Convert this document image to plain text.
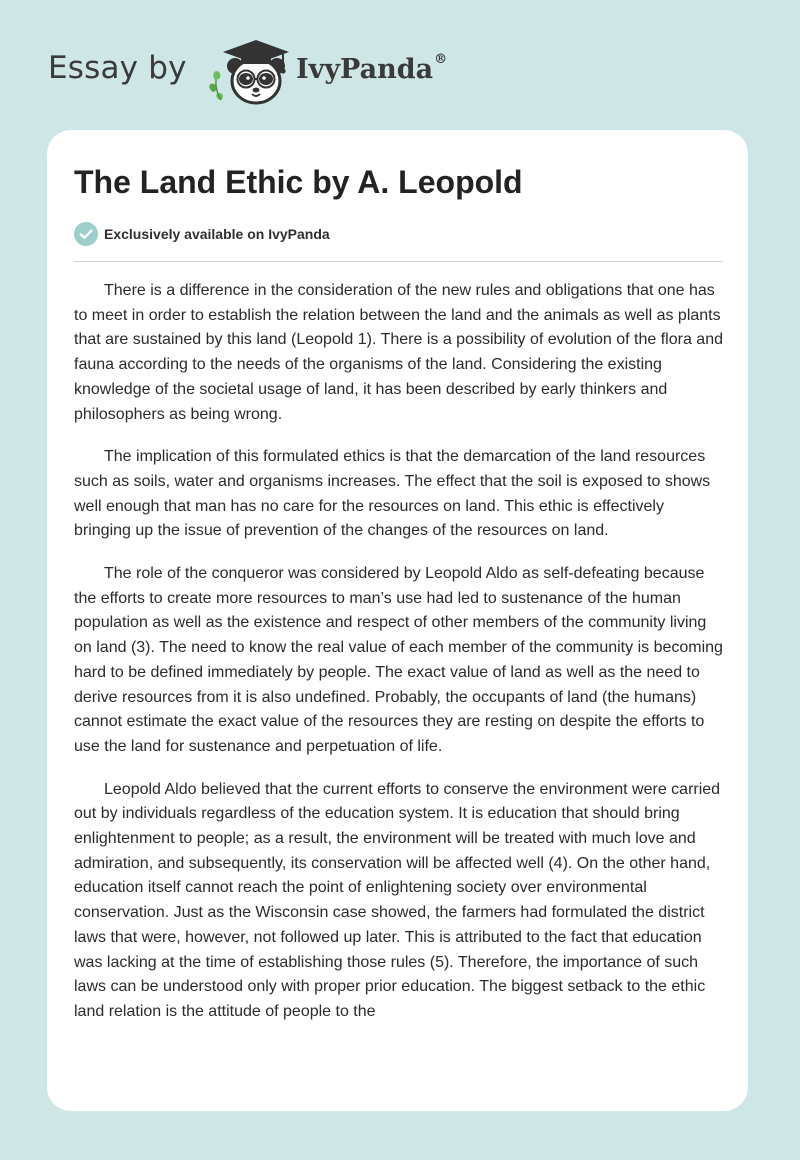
Essay by	IvyPanda®
The Land Ethic by A. Leopold
Exclusively available on IvyPanda

There is a difference in the consideration of the new rules and obligations that one has to meet in order to establish the relation between the land and the animals as well as plants that are sustained by this land (Leopold 1). There is a possibility of evolution of the flora and fauna according to the needs of the organisms of the land. Considering the existing knowledge of the societal usage of land, it has been described by early thinkers and philosophers as being wrong.

The implication of this formulated ethics is that the demarcation of the land resources such as soils, water and organisms increases. The effect that the soil is exposed to shows well enough that man has no care for the resources on land. This ethic is effectively bringing up the issue of prevention of the changes of the resources on land.

The role of the conqueror was considered by Leopold Aldo as self-defeating because the efforts to create more resources to man’s use had led to sustenance of the human population as well as the existence and respect of other members of the community living on land (3). The need to know the real value of each member of the community is becoming hard to be defined immediately by people. The exact value of land as well as the need to derive resources from it is also undefined. Probably, the occupants of land (the humans) cannot estimate the exact value of the resources they are resting on despite the efforts to use the land for sustenance and perpetuation of life.

Leopold Aldo believed that the current efforts to conserve the environment were carried out by individuals regardless of the education system. It is education that should bring enlightenment to people; as a result, the environment will be treated with much love and admiration, and subsequently, its conservation will be affected well (4). On the other hand, education itself cannot reach the point of enlightening society over environmental conservation. Just as the Wisconsin case showed, the farmers had formulated the district laws that were, however, not followed up later. This is attributed to the fact that education was lacking at the time of establishing those rules (5). Therefore, the importance of such laws can be understood only with proper prior education. The biggest setback to the ethic land relation is the attitude of people to the
